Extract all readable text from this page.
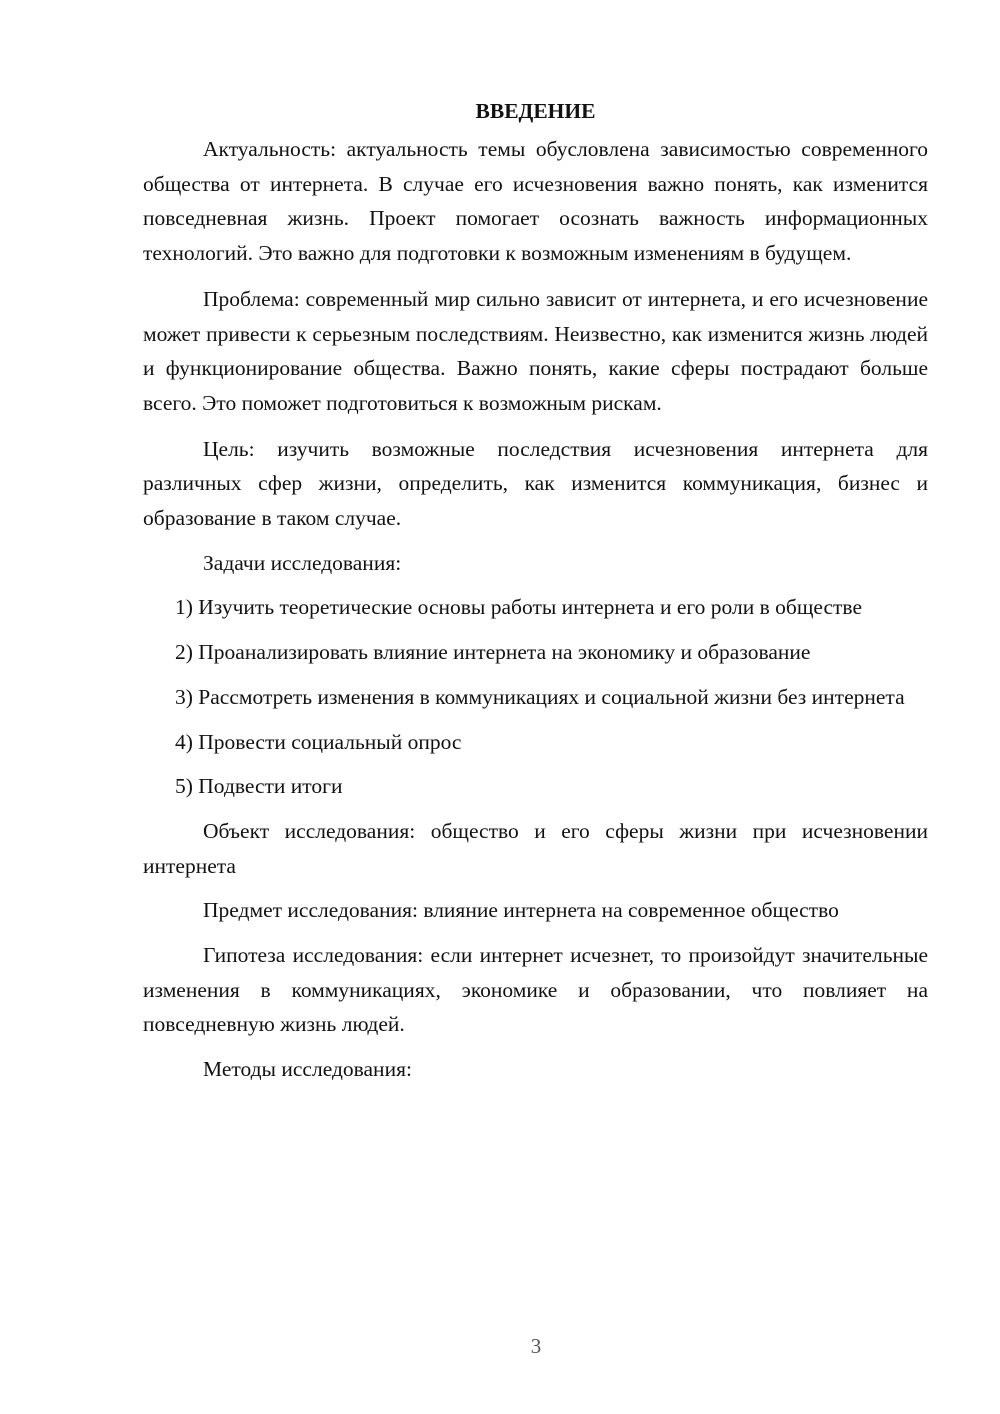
ВВЕДЕНИЕ

Актуальность: актуальность темы обусловлена зависимостью современного общества от интернета. В случае его исчезновения важно понять, как изменится повседневная жизнь. Проект помогает осознать важность информационных технологий. Это важно для подготовки к возможным изменениям в будущем.

Проблема: современный мир сильно зависит от интернета, и его исчезновение может привести к серьезным последствиям. Неизвестно, как изменится жизнь людей и функционирование общества. Важно понять, какие сферы пострадают больше всего. Это поможет подготовиться к возможным рискам.

Цель: изучить возможные последствия исчезновения интернета для различных сфер жизни, определить, как изменится коммуникация, бизнес и образование в таком случае.

Задачи исследования:

1) Изучить теоретические основы работы интернета и его роли в обществе

2) Проанализировать влияние интернета на экономику и образование

3) Рассмотреть изменения в коммуникациях и социальной жизни без интернета

4) Провести социальный опрос

5) Подвести итоги

Объект исследования: общество и его сферы жизни при исчезновении интернета

Предмет исследования: влияние интернета на современное общество

Гипотеза исследования: если интернет исчезнет, то произойдут значительные изменения в коммуникациях, экономике и образовании, что повлияет на повседневную жизнь людей.

Методы исследования:

3
